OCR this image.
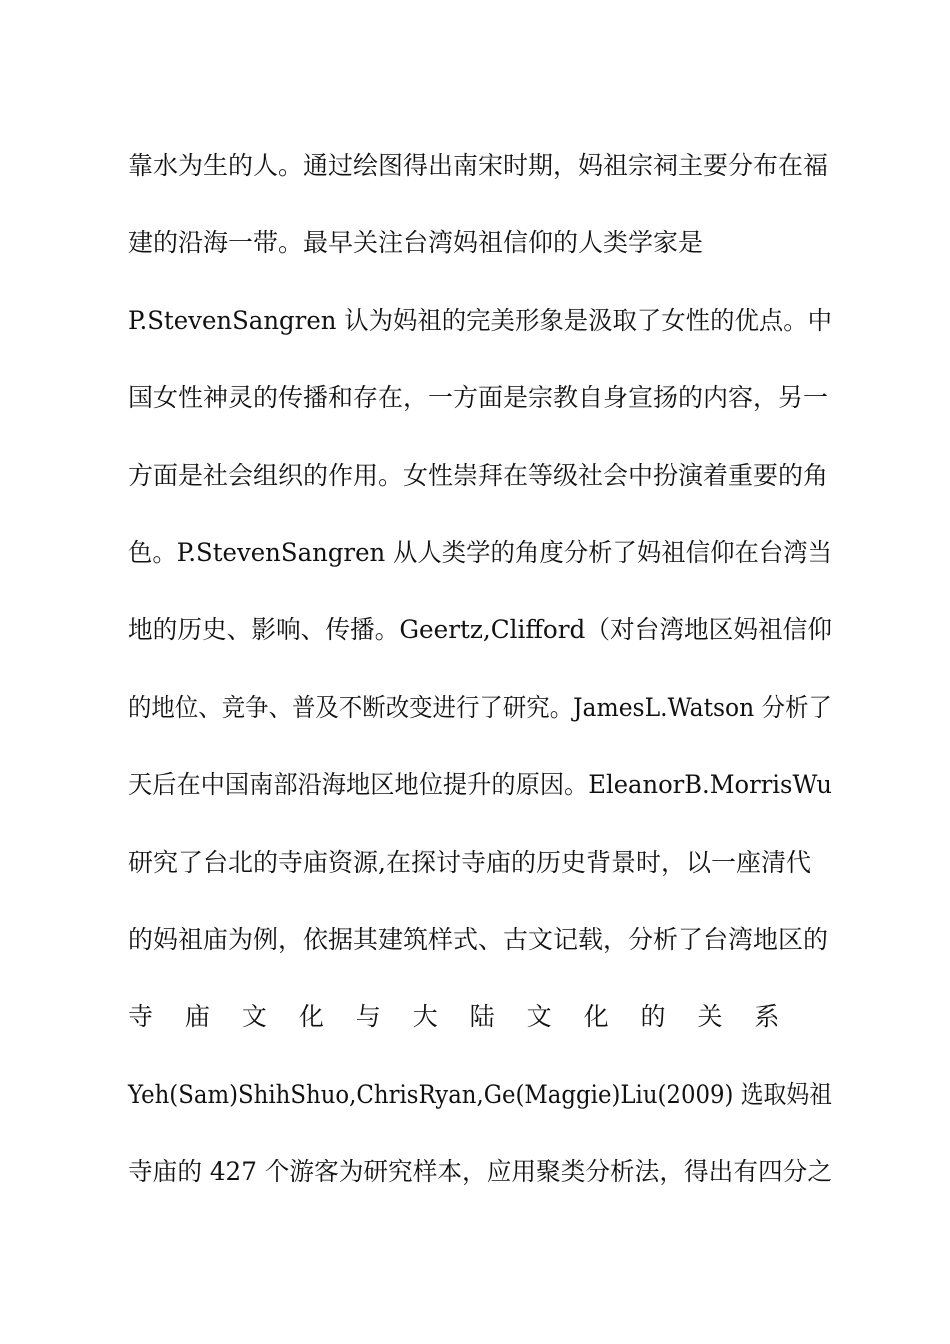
靠水为生的人。通过绘图得出南宋时期，妈祖宗祠主要分布在福
建的沿海一带。最早关注台湾妈祖信仰的人类学家是
P.StevenSangren 认为妈祖的完美形象是汲取了女性的优点。中
国女性神灵的传播和存在，一方面是宗教自身宣扬的内容，另一
方面是社会组织的作用。女性崇拜在等级社会中扮演着重要的角
色。P.StevenSangren 从人类学的角度分析了妈祖信仰在台湾当
地的历史、影响、传播。Geertz,Clifford（对台湾地区妈祖信仰
的地位、竞争、普及不断改变进行了研究。JamesL.Watson 分析了
天后在中国南部沿海地区地位提升的原因。EleanorB.MorrisWu
研究了台北的寺庙资源,在探讨寺庙的历史背景时，以一座清代
的妈祖庙为例，依据其建筑样式、古文记载，分析了台湾地区的
寺 庙 文 化 与 大 陆 文 化 的 关 系
Yeh(Sam)ShihShuo,ChrisRyan,Ge(Maggie)Liu(2009) 选取妈祖
寺庙的 427 个游客为研究样本，应用聚类分析法，得出有四分之
